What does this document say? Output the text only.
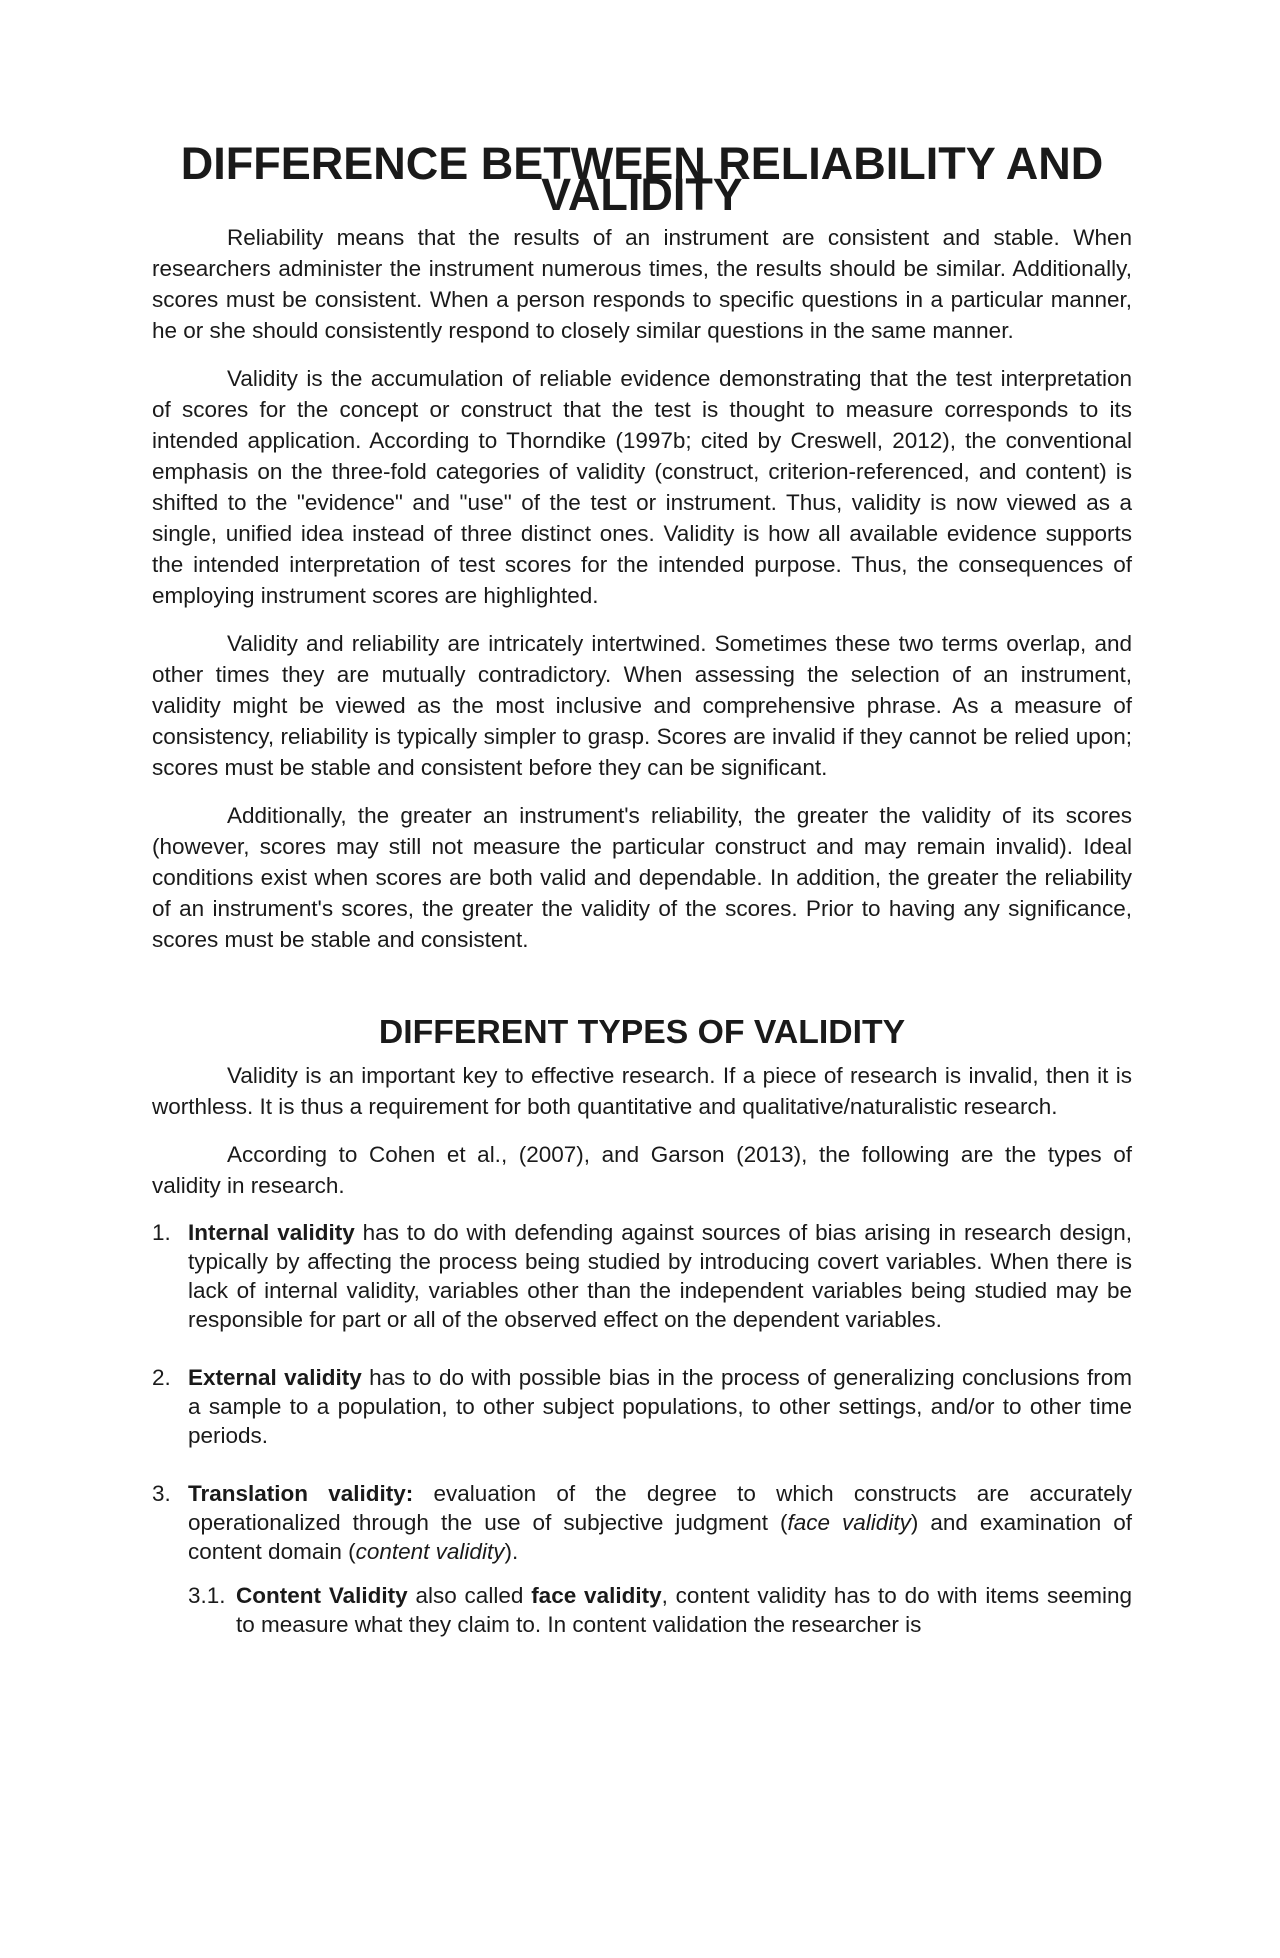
DIFFERENCE BETWEEN RELIABILITY AND VALIDITY

Reliability means that the results of an instrument are consistent and stable. When researchers administer the instrument numerous times, the results should be similar. Additionally, scores must be consistent. When a person responds to specific questions in a particular manner, he or she should consistently respond to closely similar questions in the same manner.

Validity is the accumulation of reliable evidence demonstrating that the test interpretation of scores for the concept or construct that the test is thought to measure corresponds to its intended application. According to Thorndike (1997b; cited by Creswell, 2012), the conventional emphasis on the three-fold categories of validity (construct, criterion-referenced, and content) is shifted to the "evidence" and "use" of the test or instrument. Thus, validity is now viewed as a single, unified idea instead of three distinct ones. Validity is how all available evidence supports the intended interpretation of test scores for the intended purpose. Thus, the consequences of employing instrument scores are highlighted.

Validity and reliability are intricately intertwined. Sometimes these two terms overlap, and other times they are mutually contradictory. When assessing the selection of an instrument, validity might be viewed as the most inclusive and comprehensive phrase. As a measure of consistency, reliability is typically simpler to grasp. Scores are invalid if they cannot be relied upon; scores must be stable and consistent before they can be significant.

Additionally, the greater an instrument's reliability, the greater the validity of its scores (however, scores may still not measure the particular construct and may remain invalid). Ideal conditions exist when scores are both valid and dependable. In addition, the greater the reliability of an instrument's scores, the greater the validity of the scores. Prior to having any significance, scores must be stable and consistent.

DIFFERENT TYPES OF VALIDITY

Validity is an important key to effective research. If a piece of research is invalid, then it is worthless. It is thus a requirement for both quantitative and qualitative/naturalistic research.

According to Cohen et al., (2007), and Garson (2013), the following are the types of validity in research.

1. Internal validity has to do with defending against sources of bias arising in research design, typically by affecting the process being studied by introducing covert variables. When there is lack of internal validity, variables other than the independent variables being studied may be responsible for part or all of the observed effect on the dependent variables.
2. External validity has to do with possible bias in the process of generalizing conclusions from a sample to a population, to other subject populations, to other settings, and/or to other time periods.
3. Translation validity: evaluation of the degree to which constructs are accurately operationalized through the use of subjective judgment (face validity) and examination of content domain (content validity).
3.1. Content Validity also called face validity, content validity has to do with items seeming to measure what they claim to. In content validation the researcher is
